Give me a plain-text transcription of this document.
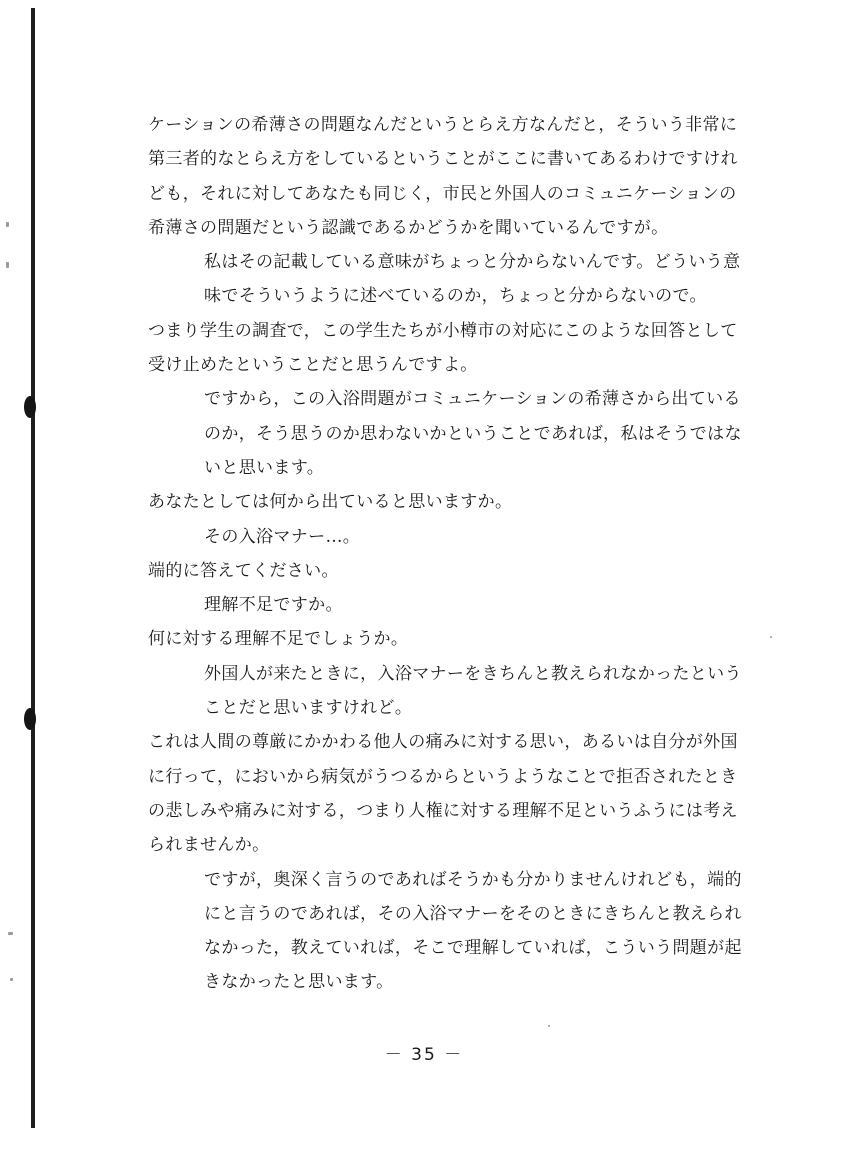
ケーションの希薄さの問題なんだというとらえ方なんだと，そういう非常に
第三者的なとらえ方をしているということがここに書いてあるわけですけれ
ども，それに対してあなたも同じく，市民と外国人のコミュニケーションの
希薄さの問題だという認識であるかどうかを聞いているんですが。
私はその記載している意味がちょっと分からないんです。どういう意
味でそういうように述べているのか，ちょっと分からないので。
つまり学生の調査で，この学生たちが小樽市の対応にこのような回答として
受け止めたということだと思うんですよ。
ですから，この入浴問題がコミュニケーションの希薄さから出ている
のか，そう思うのか思わないかということであれば，私はそうではな
いと思います。
あなたとしては何から出ていると思いますか。
その入浴マナー…。
端的に答えてください。
理解不足ですか。
何に対する理解不足でしょうか。
外国人が来たときに，入浴マナーをきちんと教えられなかったという
ことだと思いますけれど。
これは人間の尊厳にかかわる他人の痛みに対する思い，あるいは自分が外国
に行って，においから病気がうつるからというようなことで拒否されたとき
の悲しみや痛みに対する，つまり人権に対する理解不足というふうには考え
られませんか。
ですが，奥深く言うのであればそうかも分かりませんけれども，端的
にと言うのであれば，その入浴マナーをそのときにきちんと教えられ
なかった，教えていれば，そこで理解していれば，こういう問題が起
きなかったと思います。
－ 35 －
